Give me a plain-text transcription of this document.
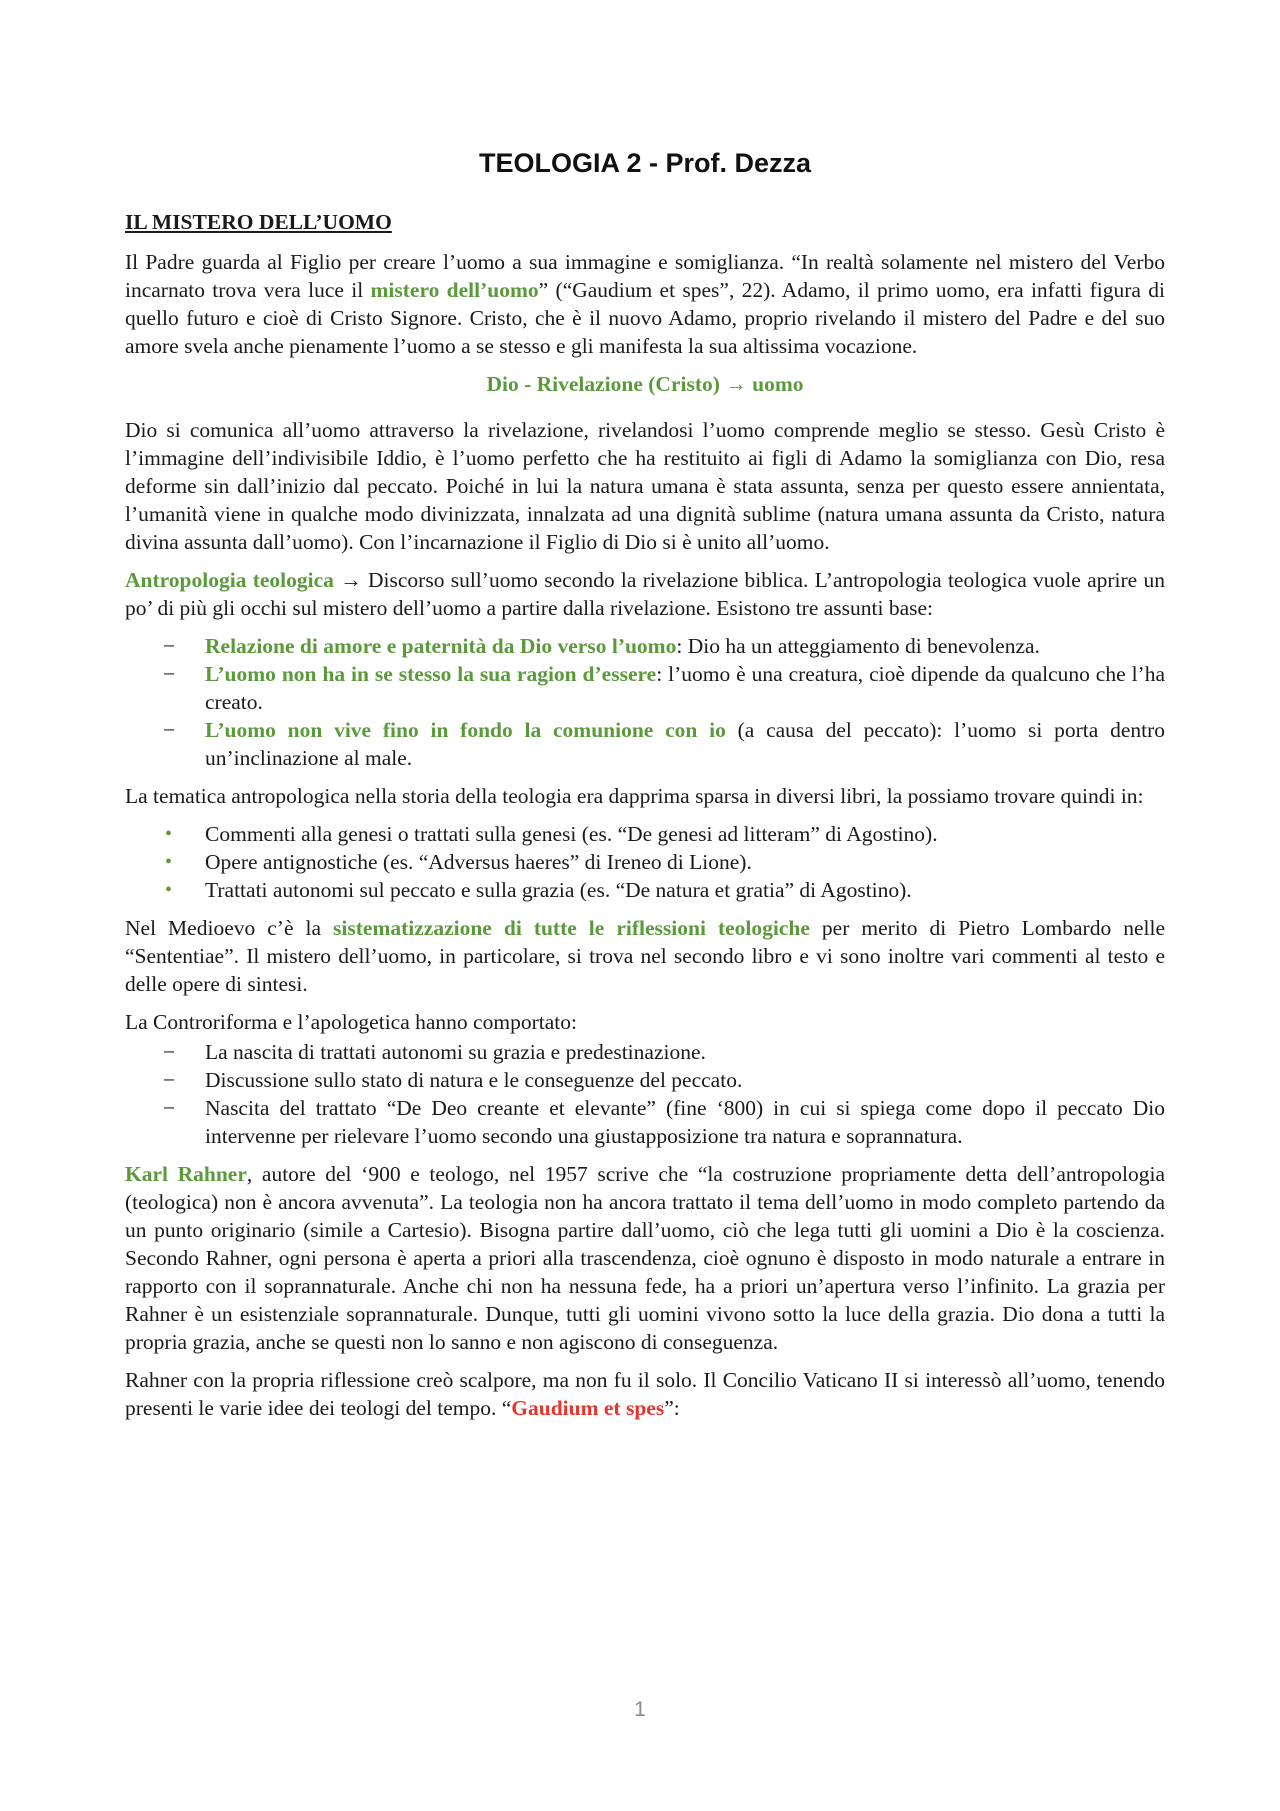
TEOLOGIA 2 - Prof. Dezza
IL MISTERO DELL’UOMO

Il Padre guarda al Figlio per creare l’uomo a sua immagine e somiglianza. “In realtà solamente nel mistero del Verbo incarnato trova vera luce il mistero dell’uomo” (“Gaudium et spes”, 22). Adamo, il primo uomo, era infatti figura di quello futuro e cioè di Cristo Signore. Cristo, che è il nuovo Adamo, proprio rivelando il mistero del Padre e del suo amore svela anche pienamente l’uomo a se stesso e gli manifesta la sua altissima vocazione.

Dio - Rivelazione (Cristo) → uomo

Dio si comunica all’uomo attraverso la rivelazione, rivelandosi l’uomo comprende meglio se stesso. Gesù Cristo è l’immagine dell’indivisibile Iddio, è l’uomo perfetto che ha restituito ai figli di Adamo la somiglianza con Dio, resa deforme sin dall’inizio dal peccato. Poiché in lui la natura umana è stata assunta, senza per questo essere annientata, l’umanità viene in qualche modo divinizzata, innalzata ad una dignità sublime (natura umana assunta da Cristo, natura divina assunta dall’uomo). Con l’incarnazione il Figlio di Dio si è unito all’uomo.

Antropologia teologica → Discorso sull’uomo secondo la rivelazione biblica. L’antropologia teologica vuole aprire un po’ di più gli occhi sul mistero dell’uomo a partire dalla rivelazione. Esistono tre assunti base:

− Relazione di amore e paternità da Dio verso l’uomo: Dio ha un atteggiamento di benevolenza.
− L’uomo non ha in se stesso la sua ragion d’essere: l’uomo è una creatura, cioè dipende da qualcuno che l’ha creato.
− L’uomo non vive fino in fondo la comunione con io (a causa del peccato): l’uomo si porta dentro un’inclinazione al male.

La tematica antropologica nella storia della teologia era dapprima sparsa in diversi libri, la possiamo trovare quindi in:

• Commenti alla genesi o trattati sulla genesi (es. “De genesi ad litteram” di Agostino).
• Opere antignostiche (es. “Adversus haeres” di Ireneo di Lione).
• Trattati autonomi sul peccato e sulla grazia (es. “De natura et gratia” di Agostino).

Nel Medioevo c’è la sistematizzazione di tutte le riflessioni teologiche per merito di Pietro Lombardo nelle “Sententiae”. Il mistero dell’uomo, in particolare, si trova nel secondo libro e vi sono inoltre vari commenti al testo e delle opere di sintesi.

La Controriforma e l’apologetica hanno comportato:

− La nascita di trattati autonomi su grazia e predestinazione.
− Discussione sullo stato di natura e le conseguenze del peccato.
− Nascita del trattato “De Deo creante et elevante” (fine ‘800) in cui si spiega come dopo il peccato Dio intervenne per rielevare l’uomo secondo una giustapposizione tra natura e soprannatura.

Karl Rahner, autore del ‘900 e teologo, nel 1957 scrive che “la costruzione propriamente detta dell’antropologia (teologica) non è ancora avvenuta”. La teologia non ha ancora trattato il tema dell’uomo in modo completo partendo da un punto originario (simile a Cartesio). Bisogna partire dall’uomo, ciò che lega tutti gli uomini a Dio è la coscienza. Secondo Rahner, ogni persona è aperta a priori alla trascendenza, cioè ognuno è disposto in modo naturale a entrare in rapporto con il soprannaturale. Anche chi non ha nessuna fede, ha a priori un’apertura verso l’infinito. La grazia per Rahner è un esistenziale soprannaturale. Dunque, tutti gli uomini vivono sotto la luce della grazia. Dio dona a tutti la propria grazia, anche se questi non lo sanno e non agiscono di conseguenza.

Rahner con la propria riflessione creò scalpore, ma non fu il solo. Il Concilio Vaticano II si interessò all’uomo, tenendo presenti le varie idee dei teologi del tempo. “Gaudium et spes”:

1
